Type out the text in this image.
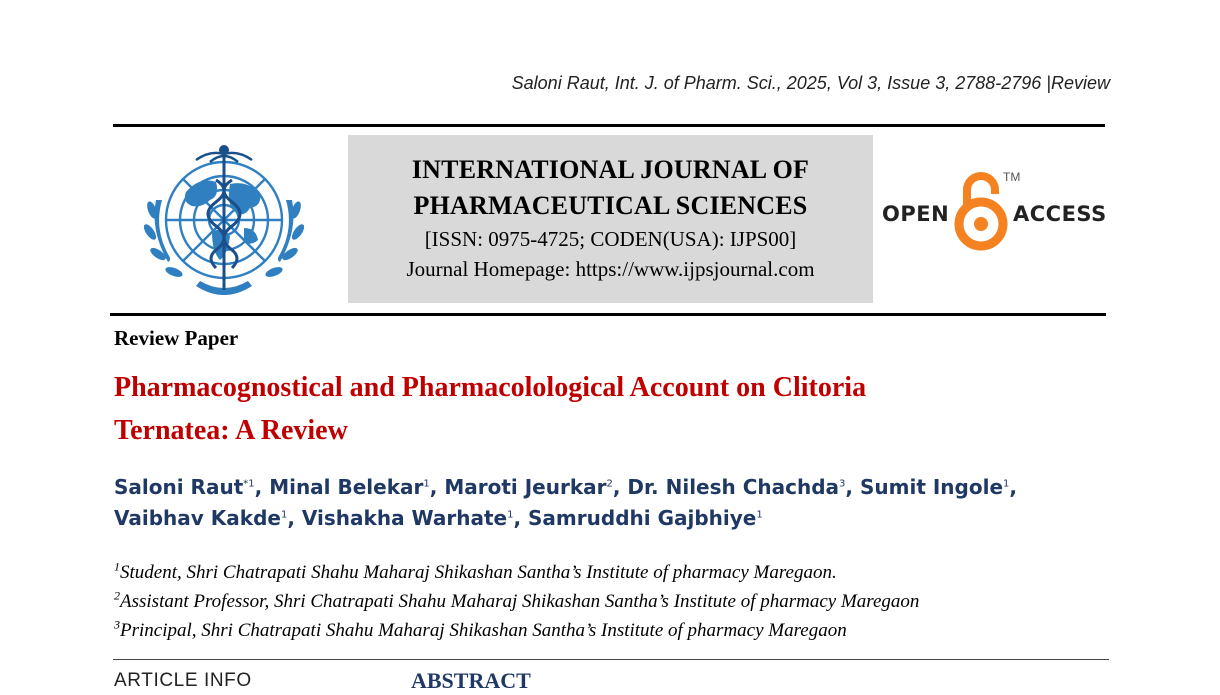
Saloni Raut, Int. J. of Pharm. Sci., 2025, Vol 3, Issue 3, 2788-2796 |Review
INTERNATIONAL JOURNAL OF
PHARMACEUTICAL SCIENCES
[ISSN: 0975-4725; CODEN(USA): IJPS00]
Journal Homepage: https://www.ijpsjournal.com
OPEN
TM
ACCESS
Review Paper
Pharmacognostical and Pharmacolological Account on Clitoria
Ternatea: A Review
Saloni Raut$^{*1}$, Minal Belekar$^1$, Maroti Jeurkar$^2$, Dr. Nilesh Chachda$^3$, Sumit Ingole$^1$,
Vaibhav Kakde$^1$, Vishakha Warhate$^1$, Samruddhi Gajbhiye$^1$
$^1$Student, Shri Chatrapati Shahu Maharaj Shikashan Santha’s Institute of pharmacy Maregaon.
$^2$Assistant Professor, Shri Chatrapati Shahu Maharaj Shikashan Santha’s Institute of pharmacy Maregaon
$^3$Principal, Shri Chatrapati Shahu Maharaj Shikashan Santha’s Institute of pharmacy Maregaon
ARTICLE INFO	ABSTRACT
